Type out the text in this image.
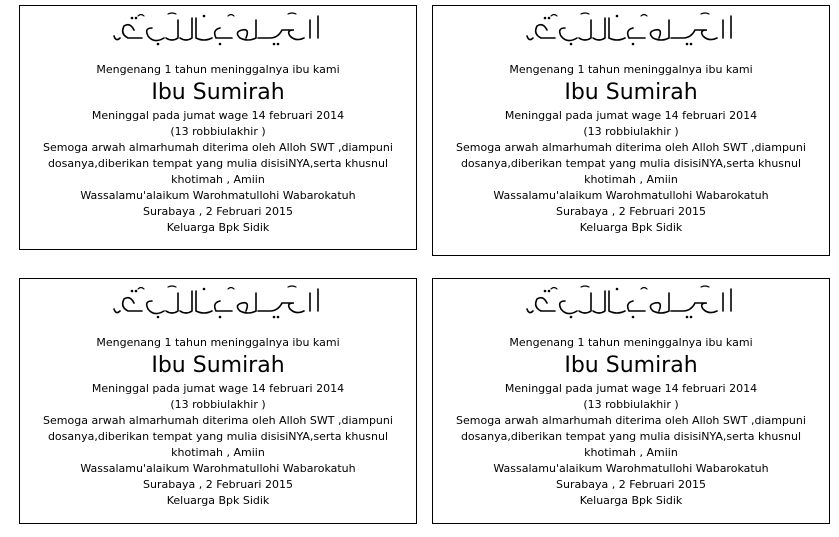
Mengenang 1 tahun meninggalnya ibu kami
Ibu Sumirah
Meninggal pada jumat wage 14 februari 2014
(13 robbiulakhir )
Semoga arwah almarhumah diterima oleh Alloh SWT ,diampuni
dosanya,diberikan tempat yang mulia disisiNYA,serta khusnul
khotimah , Amiin
Wassalamu'alaikum Warohmatullohi Wabarokatuh
Surabaya , 2 Februari 2015
Keluarga Bpk Sidik
Mengenang 1 tahun meninggalnya ibu kami
Ibu Sumirah
Meninggal pada jumat wage 14 februari 2014
(13 robbiulakhir )
Semoga arwah almarhumah diterima oleh Alloh SWT ,diampuni
dosanya,diberikan tempat yang mulia disisiNYA,serta khusnul
khotimah , Amiin
Wassalamu'alaikum Warohmatullohi Wabarokatuh
Surabaya , 2 Februari 2015
Keluarga Bpk Sidik
Mengenang 1 tahun meninggalnya ibu kami
Ibu Sumirah
Meninggal pada jumat wage 14 februari 2014
(13 robbiulakhir )
Semoga arwah almarhumah diterima oleh Alloh SWT ,diampuni
dosanya,diberikan tempat yang mulia disisiNYA,serta khusnul
khotimah , Amiin
Wassalamu'alaikum Warohmatullohi Wabarokatuh
Surabaya , 2 Februari 2015
Keluarga Bpk Sidik
Mengenang 1 tahun meninggalnya ibu kami
Ibu Sumirah
Meninggal pada jumat wage 14 februari 2014
(13 robbiulakhir )
Semoga arwah almarhumah diterima oleh Alloh SWT ,diampuni
dosanya,diberikan tempat yang mulia disisiNYA,serta khusnul
khotimah , Amiin
Wassalamu'alaikum Warohmatullohi Wabarokatuh
Surabaya , 2 Februari 2015
Keluarga Bpk Sidik
